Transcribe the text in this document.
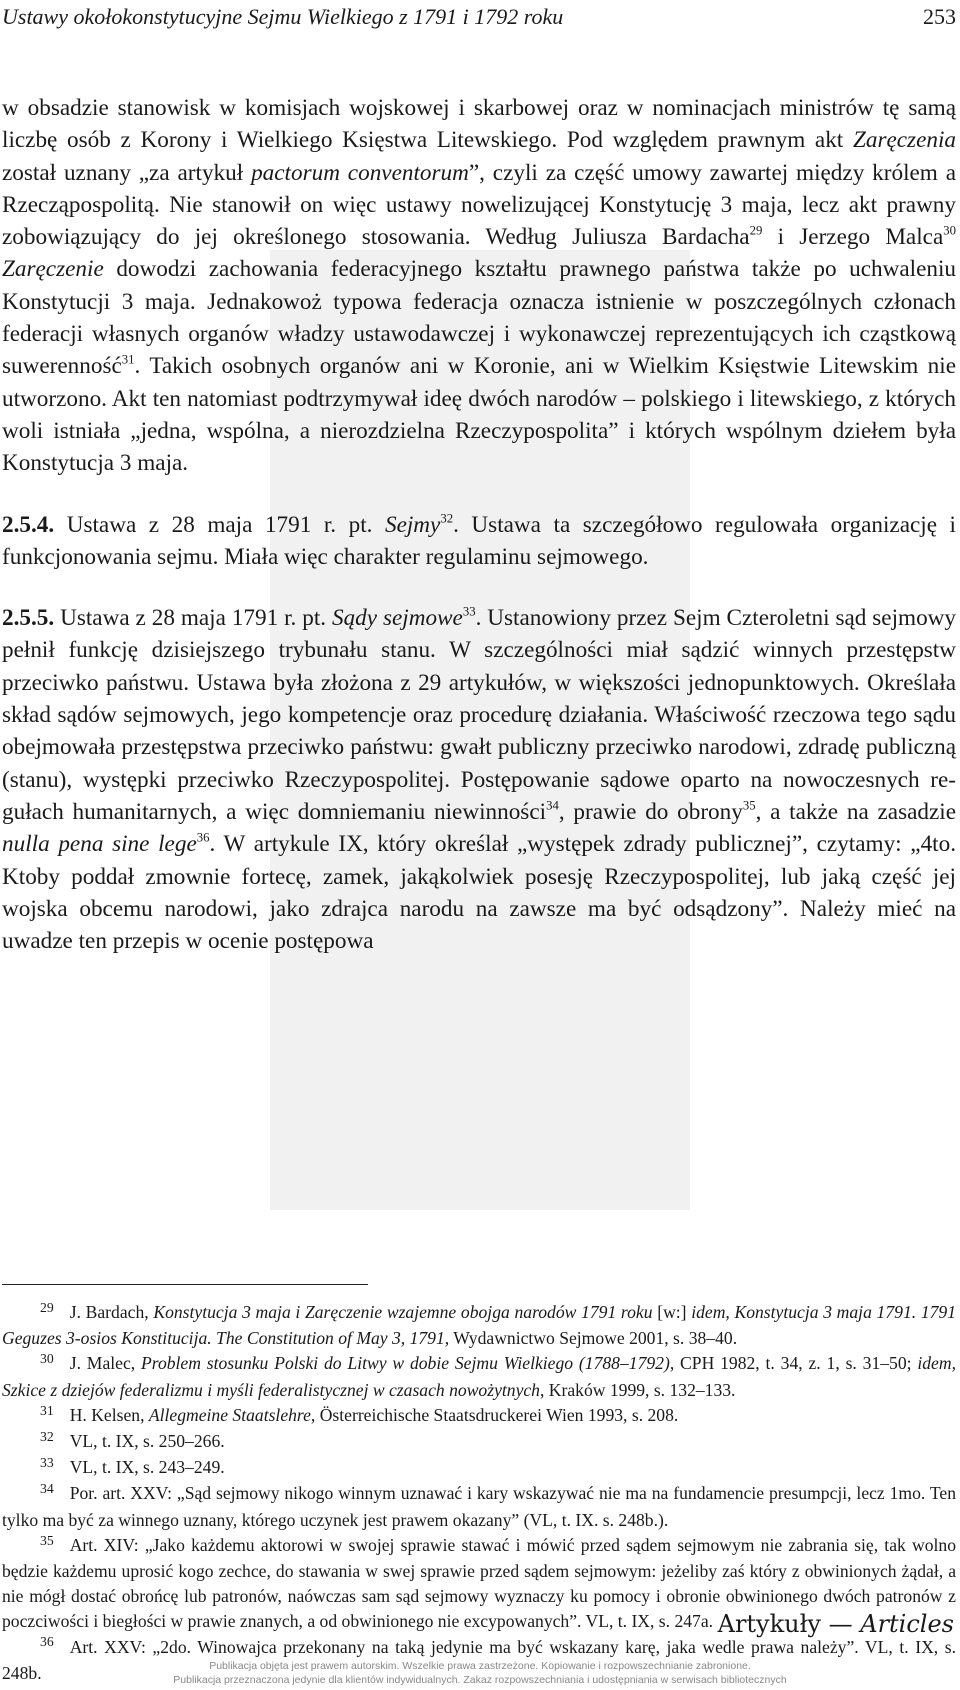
Ustawy okołokonstytucyjne Sejmu Wielkiego z 1791 i 1792 roku	253

w obsadzie stanowisk w komisjach wojskowej i skarbowej oraz w nominacjach ministrów tę samą liczbę osób z Korony i Wielkiego Księstwa Litewskiego. Pod względem prawnym akt Zaręczenia został uznany „za artykuł pactorum conventorum”, czyli za część umowy zawartej między królem a Rzecząpospolitą. Nie stanowił on więc ustawy nowelizującej Konstytucję 3 maja, lecz akt prawny zobowiązujący do jej określonego stosowania. Według Juliusza Bardacha$^{29}$ i Jerzego Malca$^{30}$ Zaręczenie dowodzi zachowania federacyjnego kształtu prawnego państwa także po uchwaleniu Konstytucji 3 maja. Jednakowoż typowa federacja oznacza istnienie w poszczególnych członach federacji własnych organów władzy ustawodawczej i wykonawczej reprezentujących ich cząstkową suwerenność$^{31}$. Takich osobnych organów ani w Koronie, ani w Wielkim Księstwie Litewskim nie utworzono. Akt ten natomiast podtrzymywał ideę dwóch narodów – polskiego i litewskiego, z których woli istniała „jedna, wspólna, a nierozdzielna Rzeczypospolita” i których wspólnym dziełem była Konstytucja 3 maja.

2.5.4. Ustawa z 28 maja 1791 r. pt. Sejmy$^{32}$. Ustawa ta szczegółowo regulowała organizację i funkcjonowania sejmu. Miała więc charakter regulaminu sejmowego.

2.5.5. Ustawa z 28 maja 1791 r. pt. Sądy sejmowe$^{33}$. Ustanowiony przez Sejm Czteroletni sąd sejmowy pełnił funkcję dzisiejszego trybunału stanu. W szczególności miał sądzić winnych przestępstw przeciwko państwu. Ustawa była złożona z 29 artykułów, w większości jednopunktowych. Określała skład sądów sejmowych, jego kompetencje oraz procedurę działania. Właściwość rzeczowa tego sądu obejmowała przestępstwa przeciwko państwu: gwałt publiczny przeciwko narodowi, zdradę publiczną (stanu), występki przeciwko Rzeczypospolitej. Postępowanie sądowe oparto na nowoczesnych regułach humanitarnych, a więc domniemaniu niewinności$^{34}$, prawie do obrony$^{35}$, a także na zasadzie nulla pena sine lege$^{36}$. W artykule IX, który określał „występek zdrady publicznej”, czytamy: „4to. Ktoby poddał zmownie fortecę, zamek, jakąkolwiek posesję Rzeczypospolitej, lub jaką część jej wojska obcemu narodowi, jako zdrajca narodu na zawsze ma być odsądzony”. Należy mieć na uwadze ten przepis w ocenie postępowa

$^{29}$ J. Bardach, Konstytucja 3 maja i Zaręczenie wzajemne obojga narodów 1791 roku [w:] idem, Konstytucja 3 maja 1791. 1791 Geguzes 3-osios Konstitucija. The Constitution of May 3, 1791, Wydawnictwo Sejmowe 2001, s. 38–40.

$^{30}$ J. Malec, Problem stosunku Polski do Litwy w dobie Sejmu Wielkiego (1788–1792), CPH 1982, t. 34, z. 1, s. 31–50; idem, Szkice z dziejów federalizmu i myśli federalistycznej w czasach nowożytnych, Kraków 1999, s. 132–133.

$^{31}$ H. Kelsen, Allegmeine Staatslehre, Österreichische Staatsdruckerei Wien 1993, s. 208.

$^{32}$ VL, t. IX, s. 250–266.

$^{33}$ VL, t. IX, s. 243–249.

$^{34}$ Por. art. XXV: „Sąd sejmowy nikogo winnym uznawać i kary wskazywać nie ma na fundamencie presumpcji, lecz 1mo. Ten tylko ma być za winnego uznany, którego uczynek jest prawem okazany” (VL, t. IX. s. 248b.).

$^{35}$ Art. XIV: „Jako każdemu aktorowi w swojej sprawie stawać i mówić przed sądem sejmowym nie zabrania się, tak wolno będzie każdemu uprosić kogo zechce, do stawania w swej sprawie przed sądem sejmowym: jeżeliby zaś który z obwinionych żądał, a nie mógł dostać obrońcę lub patronów, naówczas sam sąd sejmowy wyznaczy ku pomocy i obronie obwinionego dwóch patronów z poczciwości i biegłości w prawie znanych, a od obwinionego nie excypowanych”. VL, t. IX, s. 247a.

$^{36}$ Art. XXV: „2do. Winowajca przekonany na taką jedynie ma być wskazany karę, jaka wedle prawa należy”. VL, t. IX, s. 248b.

Artykuły — Articles
Publikacja objęta jest prawem autorskim. Wszelkie prawa zastrzeżone. Kopiowanie i rozpowszechnianie zabronione.
Publikacja przeznaczona jedynie dla klientów indywidualnych. Zakaz rozpowszechniania i udostępniania w serwisach bibliotecznych
